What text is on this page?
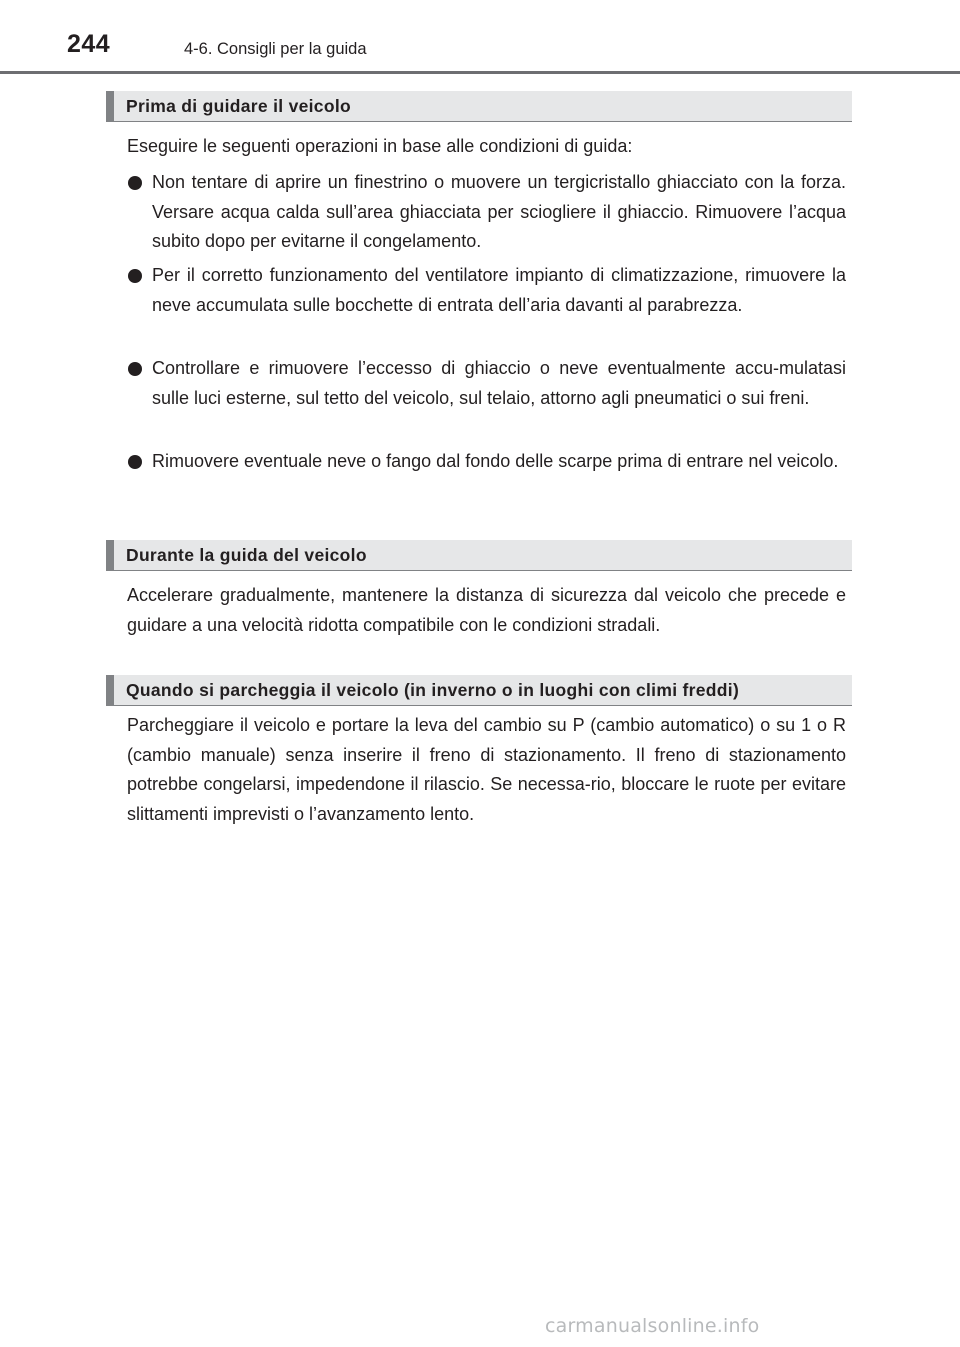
244	4-6. Consigli per la guida
Prima di guidare il veicolo
Eseguire le seguenti operazioni in base alle condizioni di guida:
Non tentare di aprire un finestrino o muovere un tergicristallo ghiacciato con la forza. Versare acqua calda sull’area ghiacciata per sciogliere il ghiaccio. Rimuovere l’acqua subito dopo per evitarne il congelamento.
Per il corretto funzionamento del ventilatore impianto di climatizzazione, rimuovere la neve accumulata sulle bocchette di entrata dell’aria davanti al parabrezza.
Controllare e rimuovere l’eccesso di ghiaccio o neve eventualmente accu-mulatasi sulle luci esterne, sul tetto del veicolo, sul telaio, attorno agli pneumatici o sui freni.
Rimuovere eventuale neve o fango dal fondo delle scarpe prima di entrare nel veicolo.
Durante la guida del veicolo
Accelerare gradualmente, mantenere la distanza di sicurezza dal veicolo che precede e guidare a una velocità ridotta compatibile con le condizioni stradali.
Quando si parcheggia il veicolo (in inverno o in luoghi con climi freddi)
Parcheggiare il veicolo e portare la leva del cambio su P (cambio automatico) o su 1 o R (cambio manuale) senza inserire il freno di stazionamento. Il freno di stazionamento potrebbe congelarsi, impedendone il rilascio. Se necessa-rio, bloccare le ruote per evitare slittamenti imprevisti o l’avanzamento lento.
carmanualsonline.info
